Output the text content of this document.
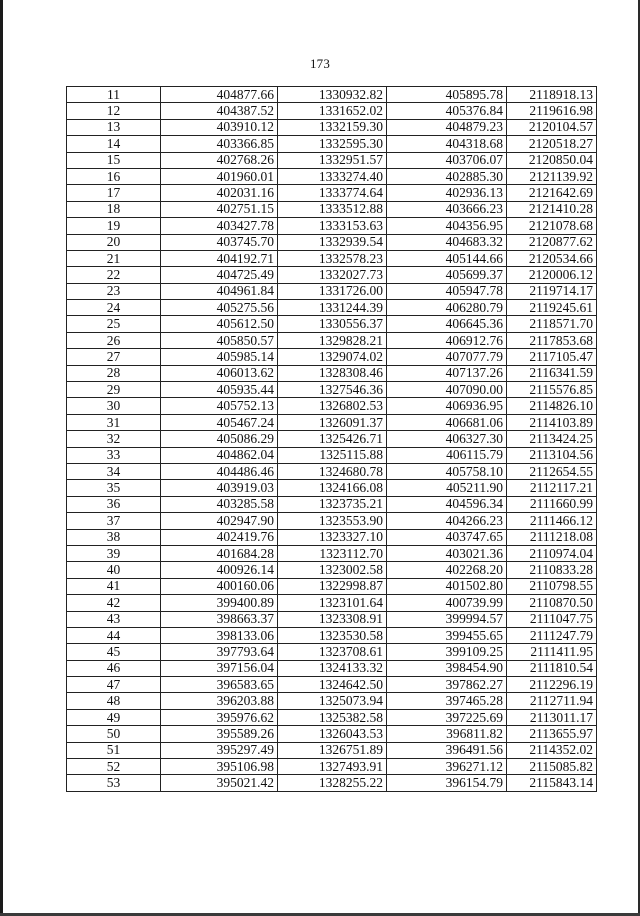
173
11	404877.66	1330932.82	405895.78	2118918.13
12	404387.52	1331652.02	405376.84	2119616.98
13	403910.12	1332159.30	404879.23	2120104.57
14	403366.85	1332595.30	404318.68	2120518.27
15	402768.26	1332951.57	403706.07	2120850.04
16	401960.01	1333274.40	402885.30	2121139.92
17	402031.16	1333774.64	402936.13	2121642.69
18	402751.15	1333512.88	403666.23	2121410.28
19	403427.78	1333153.63	404356.95	2121078.68
20	403745.70	1332939.54	404683.32	2120877.62
21	404192.71	1332578.23	405144.66	2120534.66
22	404725.49	1332027.73	405699.37	2120006.12
23	404961.84	1331726.00	405947.78	2119714.17
24	405275.56	1331244.39	406280.79	2119245.61
25	405612.50	1330556.37	406645.36	2118571.70
26	405850.57	1329828.21	406912.76	2117853.68
27	405985.14	1329074.02	407077.79	2117105.47
28	406013.62	1328308.46	407137.26	2116341.59
29	405935.44	1327546.36	407090.00	2115576.85
30	405752.13	1326802.53	406936.95	2114826.10
31	405467.24	1326091.37	406681.06	2114103.89
32	405086.29	1325426.71	406327.30	2113424.25
33	404862.04	1325115.88	406115.79	2113104.56
34	404486.46	1324680.78	405758.10	2112654.55
35	403919.03	1324166.08	405211.90	2112117.21
36	403285.58	1323735.21	404596.34	2111660.99
37	402947.90	1323553.90	404266.23	2111466.12
38	402419.76	1323327.10	403747.65	2111218.08
39	401684.28	1323112.70	403021.36	2110974.04
40	400926.14	1323002.58	402268.20	2110833.28
41	400160.06	1322998.87	401502.80	2110798.55
42	399400.89	1323101.64	400739.99	2110870.50
43	398663.37	1323308.91	399994.57	2111047.75
44	398133.06	1323530.58	399455.65	2111247.79
45	397793.64	1323708.61	399109.25	2111411.95
46	397156.04	1324133.32	398454.90	2111810.54
47	396583.65	1324642.50	397862.27	2112296.19
48	396203.88	1325073.94	397465.28	2112711.94
49	395976.62	1325382.58	397225.69	2113011.17
50	395589.26	1326043.53	396811.82	2113655.97
51	395297.49	1326751.89	396491.56	2114352.02
52	395106.98	1327493.91	396271.12	2115085.82
53	395021.42	1328255.22	396154.79	2115843.14
